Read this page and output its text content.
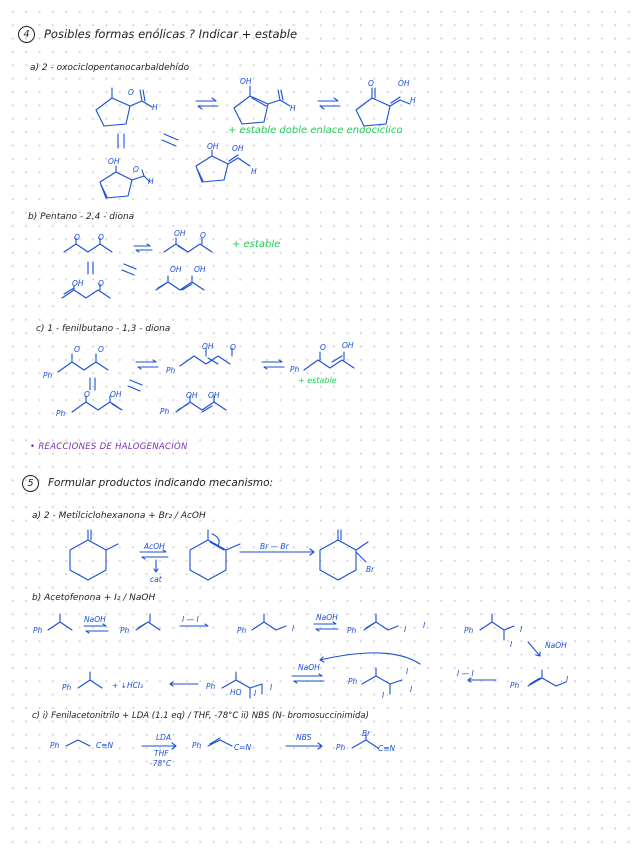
4	Posibles formas enólicas ? Indicar + estable
a) 2 - oxociclopentanocarbaldehído
+ estable doble enlace endocíclico
b) Pentano - 2,4 - diona
+ estable
c) 1 - fenilbutano - 1,3 - diona
+ estable
• REACCIONES DE HALOGENACIÓN
5	Formular productos indicando mecanismo:
a) 2 - Metilciclohexanona + Br₂ / AcOH
b) Acetofenona + I₂ / NaOH
c) i) Fenilacetonitrilo + LDA (1.1 eq) / THF, -78°C ii) NBS (N- bromosuccinimida)
O
H
OH
H
O	OH
H
OH
O
H
OH OH
H
O O	OH O
OH O
OH OH
Ph
O O	OH O
Ph	Ph
O OH
Ph
O	OH
Ph
OH OH
AcOH
cat
Br — Br
Br
Ph
NaOH
Ph
I — I
Ph	I
NaOH
Ph	I I
Ph	I
I	NaOH
Ph	+ ↓HCI₃	Ph
HO I
I
NaOH
Ph
I
I
I
I — I
Ph
I
Ph	C≡N
LDA
THF
-78°C
Ph	C=N
NBS
Ph
Br
C≡N
